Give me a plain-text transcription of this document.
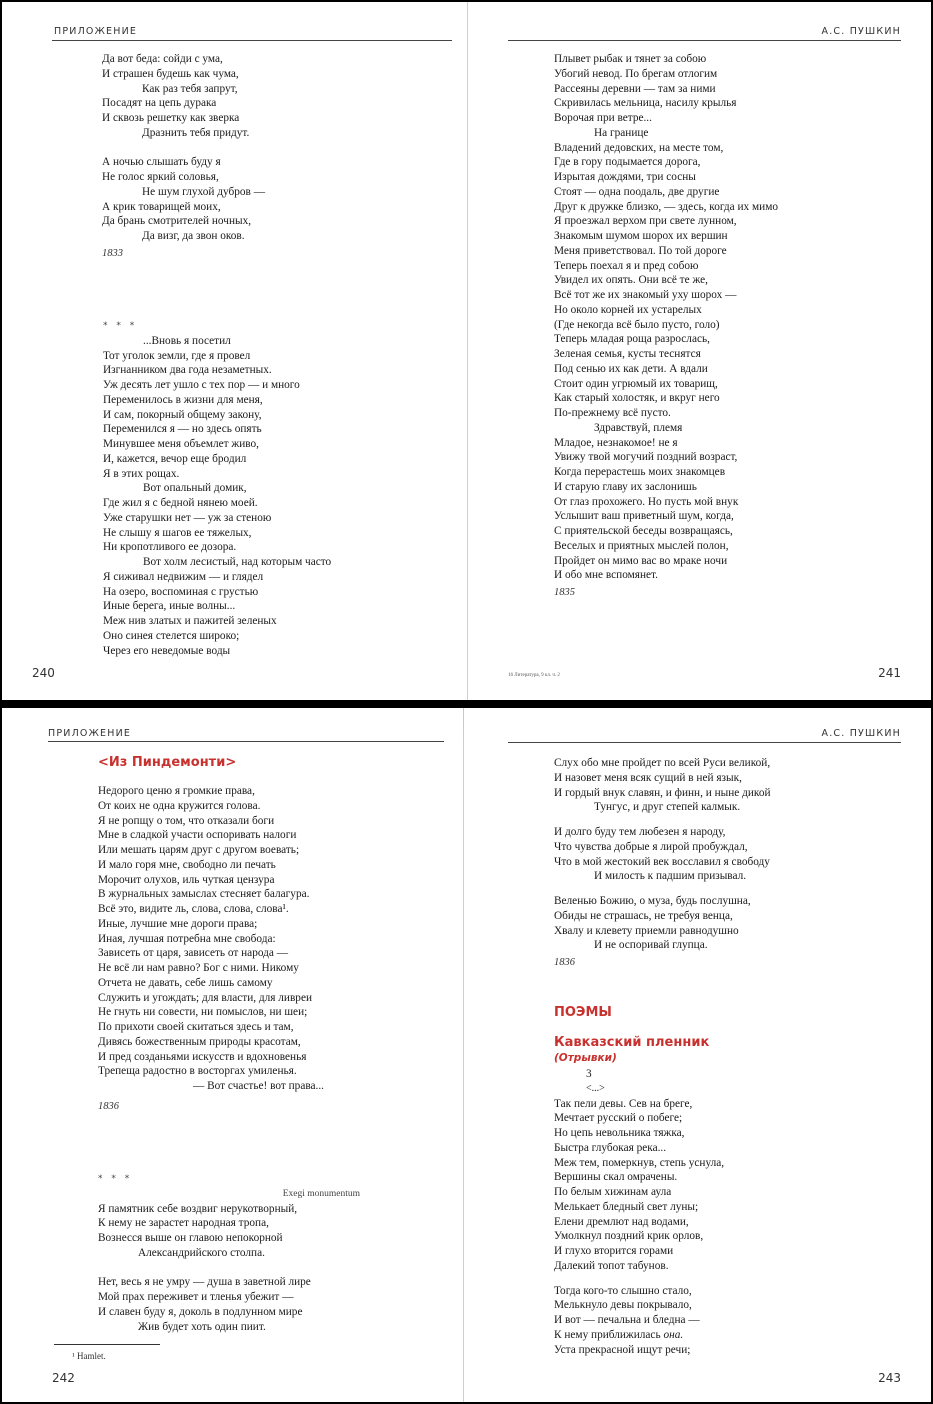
ПРИЛОЖЕНИЕ
Да вот беда: сойди с ума,
И страшен будешь как чума,
Как раз тебя запрут,
Посадят на цепь дурака
И сквозь решетку как зверка
Дразнить тебя придут.
А ночью слышать буду я
Не голос яркий соловья,
Не шум глухой дубров —
А крик товарищей моих,
Да брань смотрителей ночных,
Да визг, да звон оков.
1833
* * *
...Вновь я посетил
Тот уголок земли, где я провел
Изгнанником два года незаметных.
Уж десять лет ушло с тех пор — и много
Переменилось в жизни для меня,
И сам, покорный общему закону,
Переменился я — но здесь опять
Минувшее меня объемлет живо,
И, кажется, вечор еще бродил
Я в этих рощах.
Вот опальный домик,
Где жил я с бедной нянею моей.
Уже старушки нет — уж за стеною
Не слышу я шагов ее тяжелых,
Ни кропотливого ее дозора.
Вот холм лесистый, над которым часто
Я сиживал недвижим — и глядел
На озеро, воспоминая с грустью
Иные берега, иные волны...
Меж нив златых и пажитей зеленых
Оно синея стелется широко;
Через его неведомые воды
240
А.С. ПУШКИН
Плывет рыбак и тянет за собою
Убогий невод. По брегам отлогим
Рассеяны деревни — там за ними
Скривилась мельница, насилу крылья
Ворочая при ветре...
На границе
Владений дедовских, на месте том,
Где в гору подымается дорога,
Изрытая дождями, три сосны
Стоят — одна поодаль, две другие
Друг к дружке близко, — здесь, когда их мимо
Я проезжал верхом при свете лунном,
Знакомым шумом шорох их вершин
Меня приветствовал. По той дороге
Теперь поехал я и пред собою
Увидел их опять. Они всё те же,
Всё тот же их знакомый уху шорох —
Но около корней их устарелых
(Где некогда всё было пусто, голо)
Теперь младая роща разрослась,
Зеленая семья, кусты теснятся
Под сенью их как дети. А вдали
Стоит один угрюмый их товарищ,
Как старый холостяк, и вкруг него
По-прежнему всё пусто.
Здравствуй, племя
Младое, незнакомое! не я
Увижу твой могучий поздний возраст,
Когда перерастешь моих знакомцев
И старую главу их заслонишь
От глаз прохожего. Но пусть мой внук
Услышит ваш приветный шум, когда,
С приятельской беседы возвращаясь,
Веселых и приятных мыслей полон,
Пройдет он мимо вас во мраке ночи
И обо мне вспомянет.
1835
16 Литература, 9 кл. ч. 2	241
ПРИЛОЖЕНИЕ
<Из Пиндемонти>
Недорого ценю я громкие права,
От коих не одна кружится голова.
Я не ропщу о том, что отказали боги
Мне в сладкой участи оспоривать налоги
Или мешать царям друг с другом воевать;
И мало горя мне, свободно ли печать
Морочит олухов, иль чуткая цензура
В журнальных замыслах стесняет балагура.
Всё это, видите ль, слова, слова, слова¹.
Иные, лучшие мне дороги права;
Иная, лучшая потребна мне свобода:
Зависеть от царя, зависеть от народа —
Не всё ли нам равно? Бог с ними. Никому
Отчета не давать, себе лишь самому
Служить и угождать; для власти, для ливреи
Не гнуть ни совести, ни помыслов, ни шеи;
По прихоти своей скитаться здесь и там,
Дивясь божественным природы красотам,
И пред созданьями искусств и вдохновенья
Трепеща радостно в восторгах умиленья.
— Вот счастье! вот права...
1836
* * *
Exegi monumentum
Я памятник себе воздвиг нерукотворный,
К нему не зарастет народная тропа,
Вознесся выше он главою непокорной
Александрийского столпа.
Нет, весь я не умру — душа в заветной лире
Мой прах переживет и тленья убежит —
И славен буду я, доколь в подлунном мире
Жив будет хоть один пиит.
¹ Hamlet.
242
А.С. ПУШКИН
Слух обо мне пройдет по всей Руси великой,
И назовет меня всяк сущий в ней язык,
И гордый внук славян, и финн, и ныне дикой
Тунгус, и друг степей калмык.
И долго буду тем любезен я народу,
Что чувства добрые я лирой пробуждал,
Что в мой жестокий век восславил я свободу
И милость к падшим призывал.
Веленью Божию, о муза, будь послушна,
Обиды не страшась, не требуя венца,
Хвалу и клевету приемли равнодушно
И не оспоривай глупца.
1836
ПОЭМЫ
Кавказский пленник
(Отрывки)
3
<...>
Так пели девы. Сев на бреге,
Мечтает русский о побеге;
Но цепь невольника тяжка,
Быстра глубокая река...
Меж тем, померкнув, степь уснула,
Вершины скал омрачены.
По белым хижинам аула
Мелькает бледный свет луны;
Елени дремлют над водами,
Умолкнул поздний крик орлов,
И глухо вторится горами
Далекий топот табунов.
Тогда кого-то слышно стало,
Мелькнуло девы покрывало,
И вот — печальна и бледна —
К нему приближилась она.
Уста прекрасной ищут речи;
243
